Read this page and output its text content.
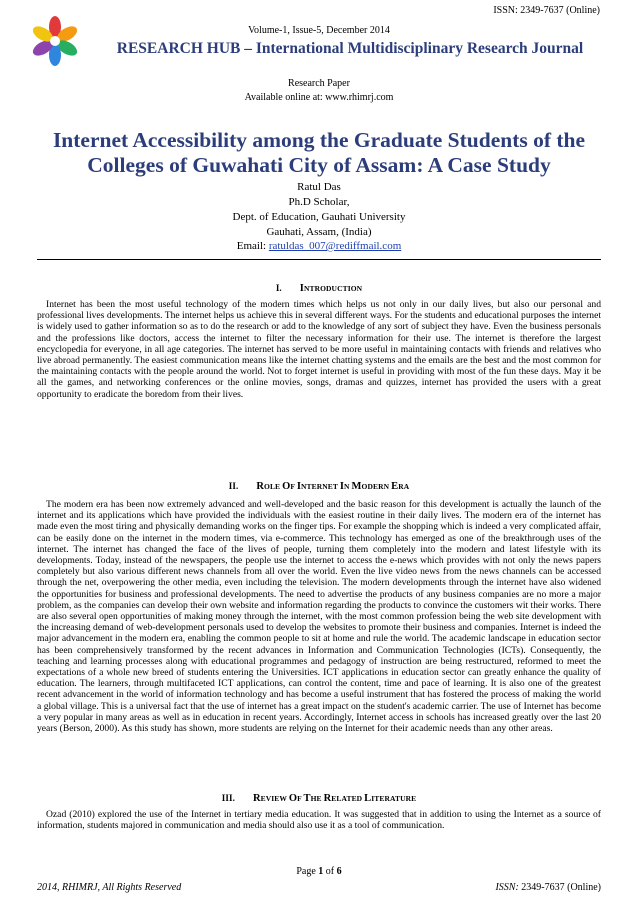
ISSN: 2349-7637 (Online)
Volume-1, Issue-5, December 2014
RESEARCH HUB – International Multidisciplinary Research Journal
Research Paper
Available online at: www.rhimrj.com
Internet Accessibility among the Graduate Students of the Colleges of Guwahati City of Assam: A Case Study
Ratul Das
Ph.D Scholar,
Dept. of Education, Gauhati University
Gauhati, Assam, (India)
Email: ratuldas_007@rediffmail.com
I. INTRODUCTION
Internet has been the most useful technology of the modern times which helps us not only in our daily lives, but also our personal and professional lives developments. The internet helps us achieve this in several different ways. For the students and educational purposes the internet is widely used to gather information so as to do the research or add to the knowledge of any sort of subject they have. Even the business personals and the professions like doctors, access the internet to filter the necessary information for their use. The internet is therefore the largest encyclopedia for everyone, in all age categories. The internet has served to be more useful in maintaining contacts with friends and relatives who live abroad permanently. The easiest communication means like the internet chatting systems and the emails are the best and the most common for the maintaining contacts with the people around the world. Not to forget internet is useful in providing with most of the fun these days. May it be all the games, and networking conferences or the online movies, songs, dramas and quizzes, internet has provided the users with a great opportunity to eradicate the boredom from their lives.
II. ROLE OF INTERNET IN MODERN ERA
The modern era has been now extremely advanced and well-developed and the basic reason for this development is actually the launch of the internet and its applications which have provided the individuals with the easiest routine in their daily lives. The modern era of the internet has made even the most tiring and physically demanding works on the finger tips. For example the shopping which is indeed a very complicated affair, can be easily done on the internet in the modern times, via e-commerce. This technology has emerged as one of the breakthrough uses of the internet. The internet has changed the face of the lives of people, turning them completely into the modern and latest lifestyle with its developments. Today, instead of the newspapers, the people use the internet to access the e-news which provides with not only the news papers completely but also various different news channels from all over the world. Even the live video news from the news channels can be accessed through the net, overpowering the other media, even including the television. The modern developments through the internet have also widened the opportunities for business and professional developments. The need to advertise the products of any business companies are no more a major problem, as the companies can develop their own website and information regarding the products to convince the customers wit their works. There are also several open opportunities of making money through the internet, with the most common profession being the web site development with the increasing demand of web-development personals used to develop the websites to promote their business and companies. Internet is indeed the major advancement in the modern era, enabling the common people to sit at home and rule the world. The academic landscape in education sector has been comprehensively transformed by the recent advances in Information and Communication Technologies (ICTs). Consequently, the teaching and learning processes along with educational programmes and pedagogy of instruction are being restructured, reformed to meet the expectations of a whole new breed of students entering the Universities. ICT applications in education sector can greatly enhance the quality of education. The learners, through multifaceted ICT applications, can control the content, time and pace of learning. It is also one of the greatest recent advancement in the world of information technology and has become a useful instrument that has fostered the process of making the world a global village. This is a universal fact that the use of internet has a great impact on the student's academic carrier. The use of Internet has become a very popular in many areas as well as in education in recent years. Accordingly, Internet access in schools has increased greatly over the last 20 years (Berson, 2000). As this study has shown, more students are relying on the Internet for their academic needs than any other areas.
III. REVIEW OF THE RELATED LITERATURE
Ozad (2010) explored the use of the Internet in tertiary media education. It was suggested that in addition to using the Internet as a source of information, students majored in communication and media should also use it as a tool of communication.
Page 1 of 6
2014, RHIMRJ, All Rights Reserved	ISSN: 2349-7637 (Online)
